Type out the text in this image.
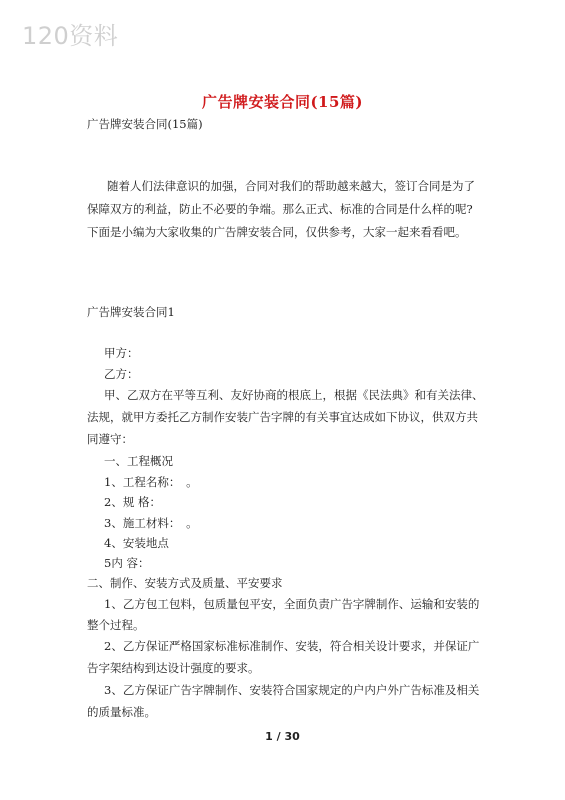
120资料
广告牌安装合同(15篇)
广告牌安装合同(15篇)
随着人们法律意识的加强，合同对我们的帮助越来越大，签订合同是为了
保障双方的利益，防止不必要的争端。那么正式、标准的合同是什么样的呢?
下面是小编为大家收集的广告牌安装合同，仅供参考，大家一起来看看吧。
广告牌安装合同1
甲方：
乙方：
甲、乙双方在平等互利、友好协商的根底上，根据《民法典》和有关法律、
法规，就甲方委托乙方制作安装广告字牌的有关事宜达成如下协议，供双方共
同遵守：
一、工程概况
1、工程名称：　。
2、规 格：
3、施工材料：　。
4、安装地点
5内 容：
二、制作、安装方式及质量、平安要求
1、乙方包工包料，包质量包平安，全面负责广告字牌制作、运输和安装的
整个过程。
2、乙方保证严格国家标准标准制作、安装，符合相关设计要求，并保证广
告字架结构到达设计强度的要求。
3、乙方保证广告字牌制作、安装符合国家规定的户内户外广告标准及相关
的质量标准。
1 / 30
